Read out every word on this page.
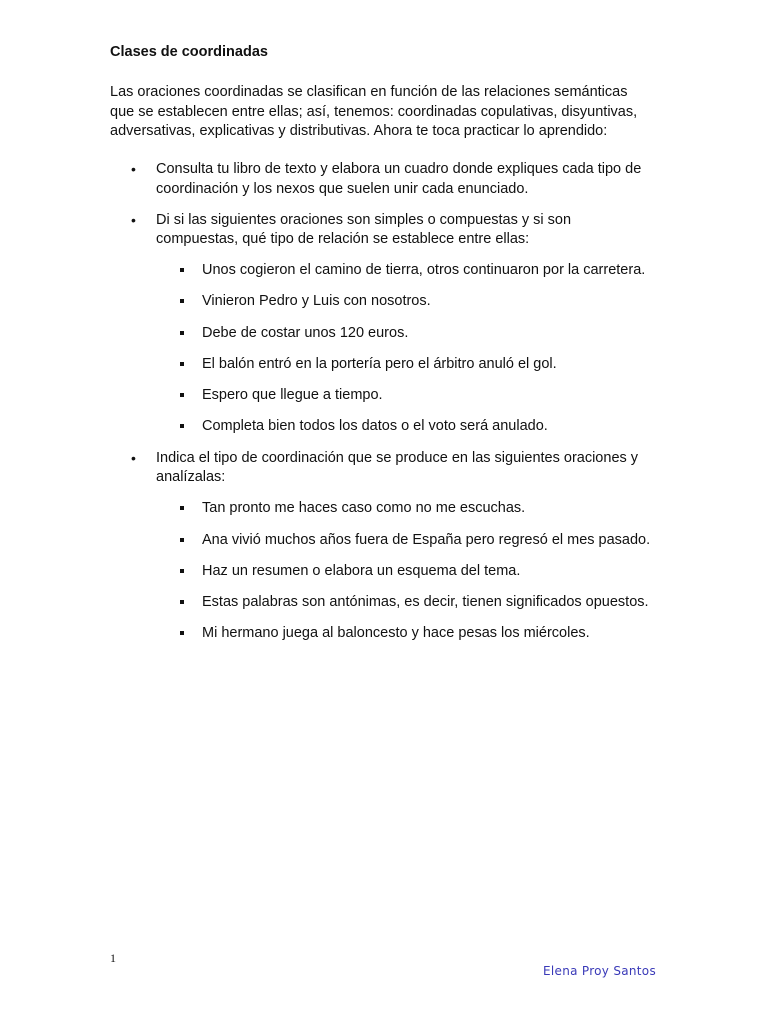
Clases de coordinadas

Las oraciones coordinadas se clasifican en función de las relaciones semánticas que se establecen entre ellas; así, tenemos: coordinadas copulativas, disyuntivas, adversativas, explicativas y distributivas. Ahora te toca practicar lo aprendido:

• Consulta tu libro de texto y elabora un cuadro donde expliques cada tipo de coordinación y los nexos que suelen unir cada enunciado.
• Di si las siguientes oraciones son simples o compuestas y si son compuestas, qué tipo de relación se establece entre ellas:
Unos cogieron el camino de tierra, otros continuaron por la carretera.
Vinieron Pedro y Luis con nosotros.
Debe de costar unos 120 euros.
El balón entró en la portería pero el árbitro anuló el gol.
Espero que llegue a tiempo.
Completa bien todos los datos o el voto será anulado.
• Indica el tipo de coordinación que se produce en las siguientes oraciones y analízalas:
Tan pronto me haces caso como no me escuchas.
Ana vivió muchos años fuera de España pero regresó el mes pasado.
Haz un resumen o elabora un esquema del tema.
Estas palabras son antónimas, es decir, tienen significados opuestos.
Mi hermano juega al baloncesto y hace pesas los miércoles.
1
Elena Proy Santos
